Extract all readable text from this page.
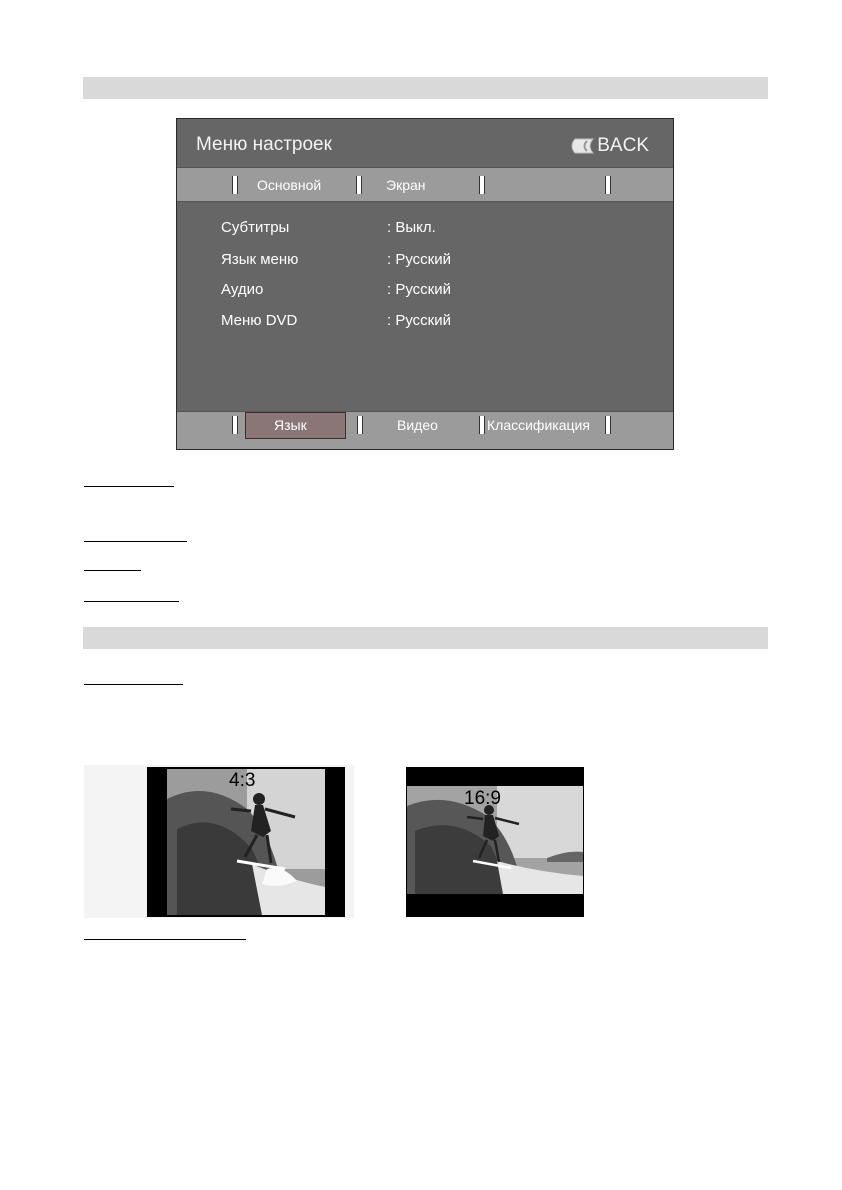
Меню настроек	BACK
Основной	Экран
Субтитры	: Выкл.
Язык меню	: Русский
Аудио	: Русский
Меню DVD	: Русский
Язык	Видео	Классификация
4:3
16:9
